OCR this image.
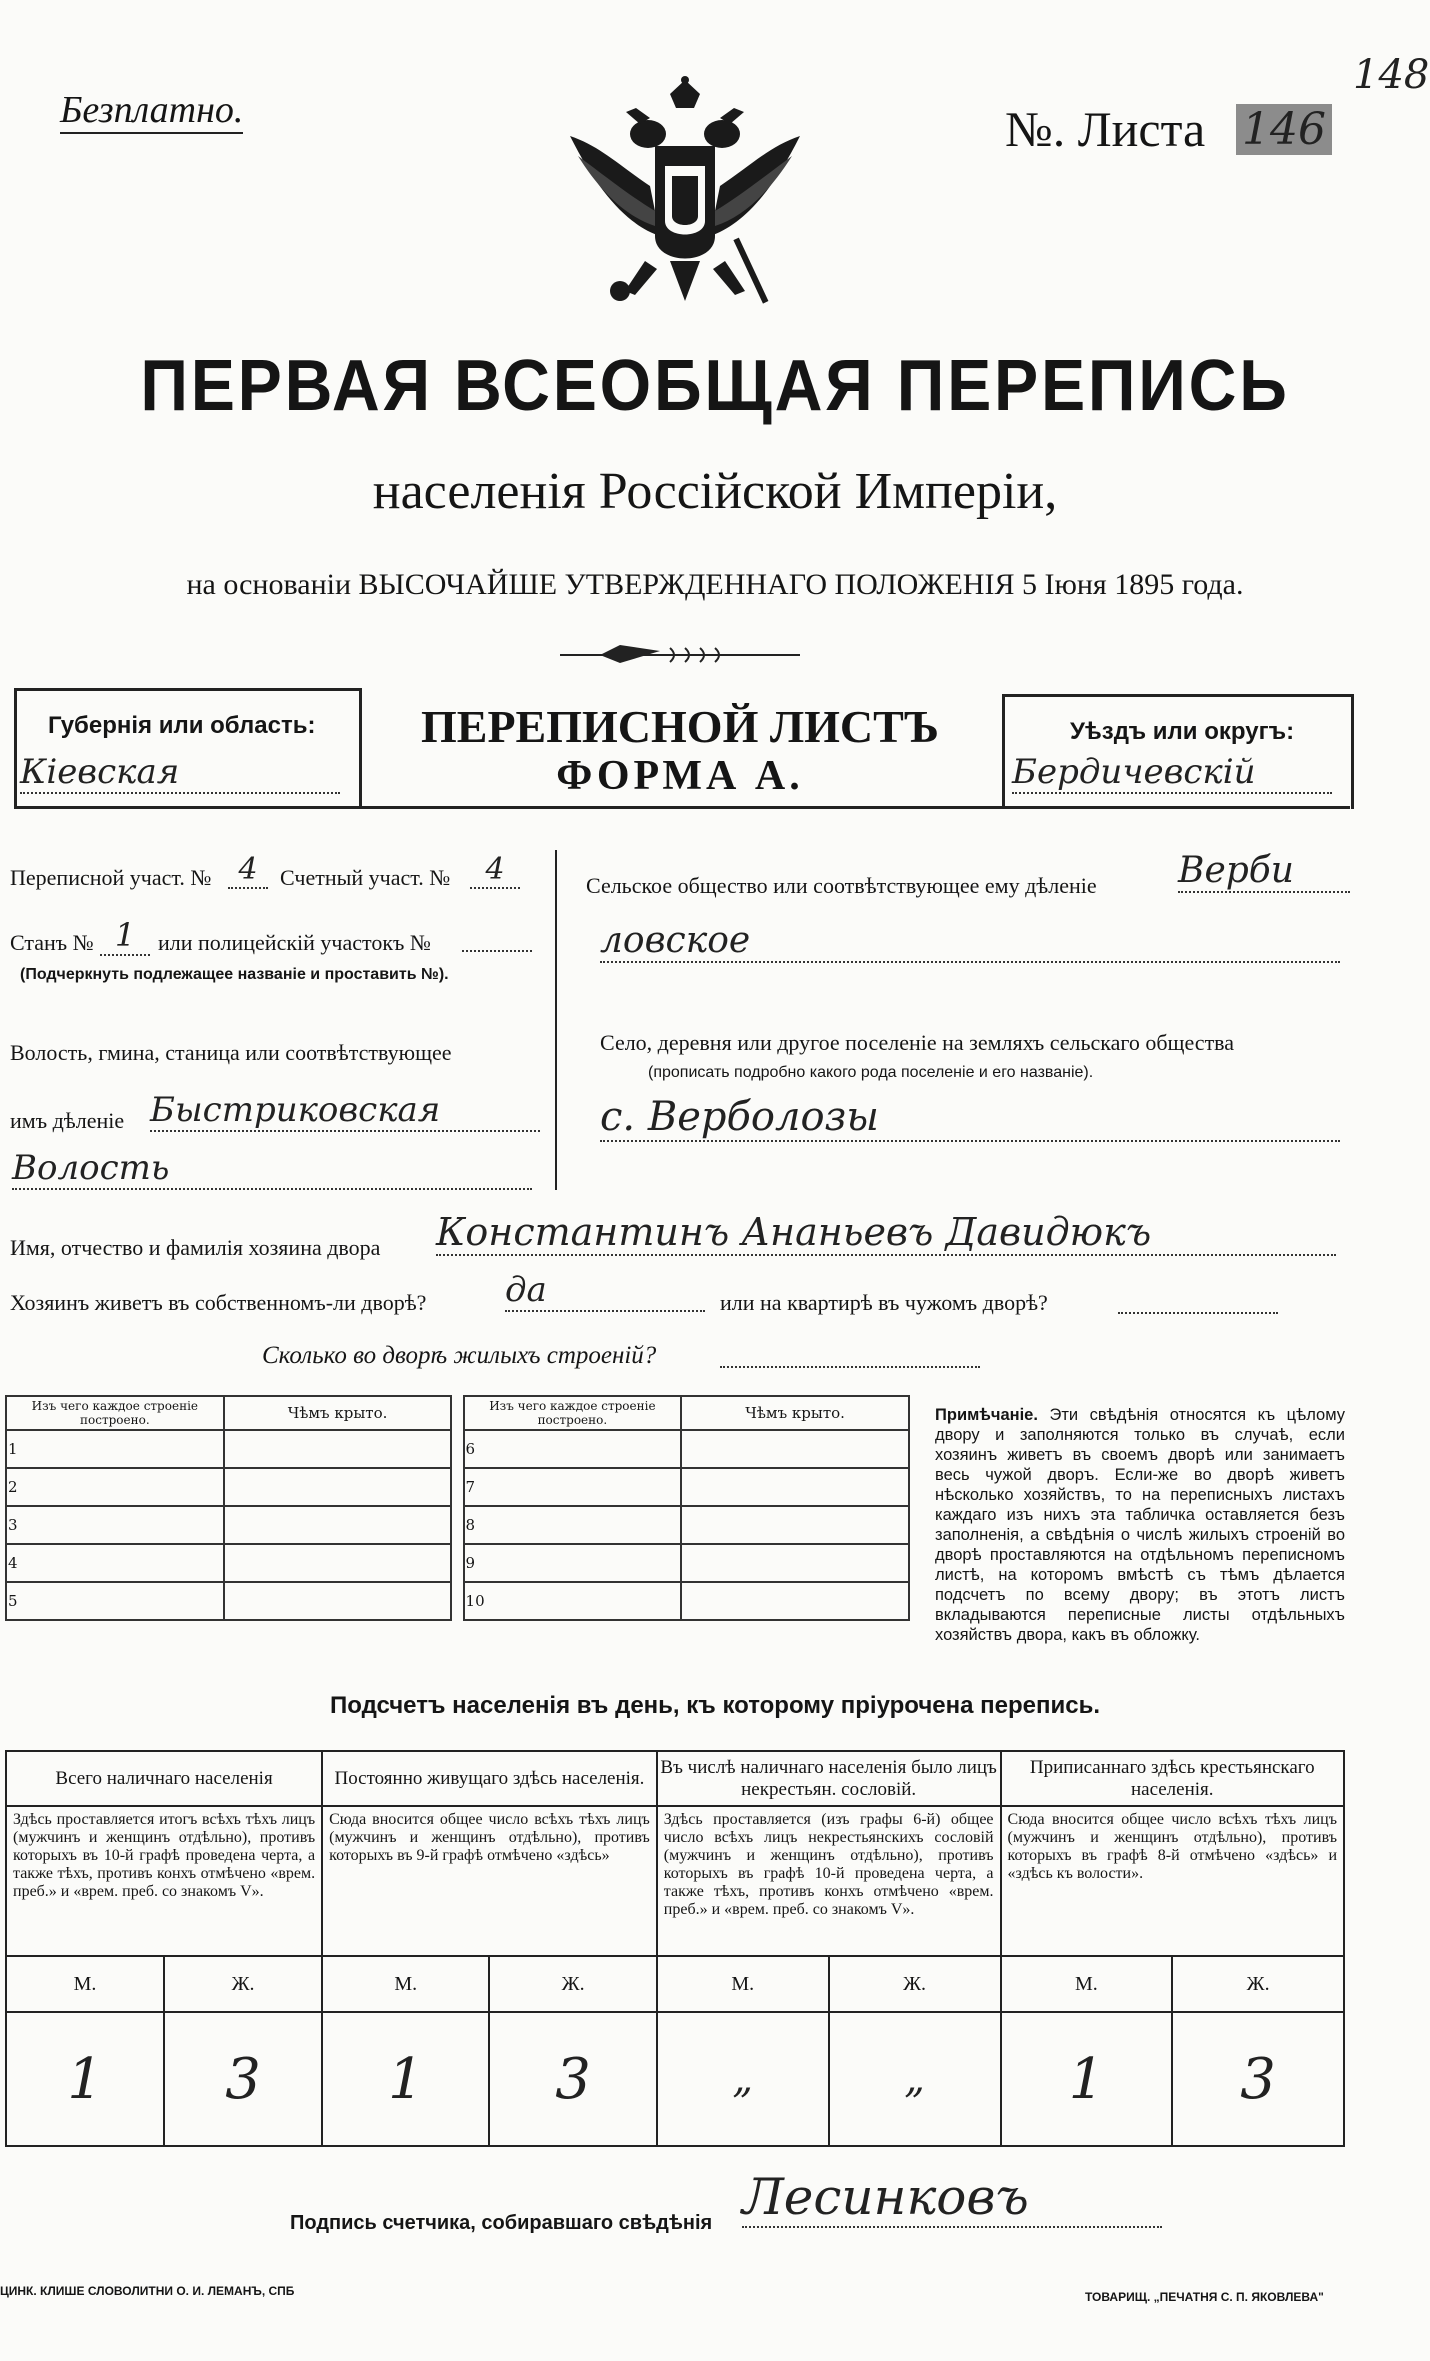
Безплатно.	№. Листа 146
148
ПЕРВАЯ ВСЕОБЩАЯ ПЕРЕПИСЬ
населенія Россійской Имперіи,
на основаніи ВЫСОЧАЙШЕ УТВЕРЖДЕННАГО ПОЛОЖЕНІЯ 5 Іюня 1895 года.
Губернія или область:
Кіевская
ПЕРЕПИСНОЙ ЛИСТЪ
ФОРМА А.
Уѣздъ или округъ:
Бердичевскій
Переписной участ. № 4	Счетный участ. №	4
Станъ № 1	или полицейскій участокъ №
(Подчеркнуть подлежащее названіе и проставить №).
Волость, гмина, станица или соотвѣтствующее
имъ дѣленіе Быстриковская
Волость
Сельское общество или соотвѣтствующее ему дѣленіе Верби
ловское
Село, деревня или другое поселеніе на земляхъ сельскаго общества
(прописать подробно какого рода поселеніе и его названіе).
с. Верболозы
Имя, отчество и фамилія хозяина двора Константинъ Ананьевъ Давидюкъ
Хозяинъ живетъ въ собственномъ-ли дворѣ? да	или на квартирѣ въ чужомъ дворѣ?
Сколько во дворѣ жилыхъ строеній?
Изъ чего каждое строеніе построено.	Чѣмъ крыто.		Изъ чего каждое строеніе построено.	Чѣмъ крыто.
1			6	
2			7	
3			8	
4			9	
5			10	
Примѣчаніе. Эти свѣдѣнія относятся къ цѣлому двору и заполняются только въ случаѣ, если хозяинъ живетъ въ своемъ дворѣ или занимаетъ весь чужой дворъ. Если-же во дворѣ живетъ нѣсколько хозяйствъ, то на переписныхъ листахъ каждаго изъ нихъ эта табличка оставляется безъ заполненія, а свѣдѣнія о числѣ жилыхъ строеній во дворѣ проставляются на отдѣльномъ переписномъ листѣ, на которомъ вмѣстѣ съ тѣмъ дѣлается подсчетъ по всему двору; въ этотъ листъ вкладываются переписные листы отдѣльныхъ хозяйствъ двора, какъ въ обложку.
Подсчетъ населенія въ день, къ которому пріурочена перепись.
Всего наличнаго населенія		Постоянно живущаго здѣсь населенія.		Въ числѣ наличнаго населенія было лицъ некрестьян. сословій.		Приписаннаго здѣсь крестьянскаго населенія.	
Здѣсь проставляется итогъ всѣхъ тѣхъ лицъ (мужчинъ и женщинъ отдѣльно), противъ которыхъ въ 10-й графѣ проведена черта, а также тѣхъ, противъ конхъ отмѣчено «врем. преб.» и «врем. преб. со знакомъ V».		Сюда вносится общее число всѣхъ тѣхъ лицъ (мужчинъ и женщинъ отдѣльно), противъ которыхъ въ 9-й графѣ отмѣчено «здѣсь»		Здѣсь проставляется (изъ графы 6-й) общее число всѣхъ лицъ некрестьянскихъ сословій (мужчинъ и женщинъ отдѣльно), противъ которыхъ въ графѣ 10-й проведена черта, а также тѣхъ, противъ конхъ отмѣчено «врем. преб.» и «врем. преб. со знакомъ V».		Сюда вносится общее число всѣхъ тѣхъ лицъ (мужчинъ и женщинъ отдѣльно), противъ которыхъ въ графѣ 8-й отмѣчено «здѣсь» и «здѣсь къ волости».	
М.	Ж.	М.	Ж.	М.	Ж.	М.	Ж.
1	3	1	3	„	„	1	3
Подпись счетчика, собиравшаго свѣдѣнія Лесинковъ
ЦИНК. КЛИШЕ СЛОВОЛИТНИ О. И. ЛЕМАНЪ, СПБ	ТОВАРИЩ. „ПЕЧАТНЯ С. П. ЯКОВЛЕВА"
